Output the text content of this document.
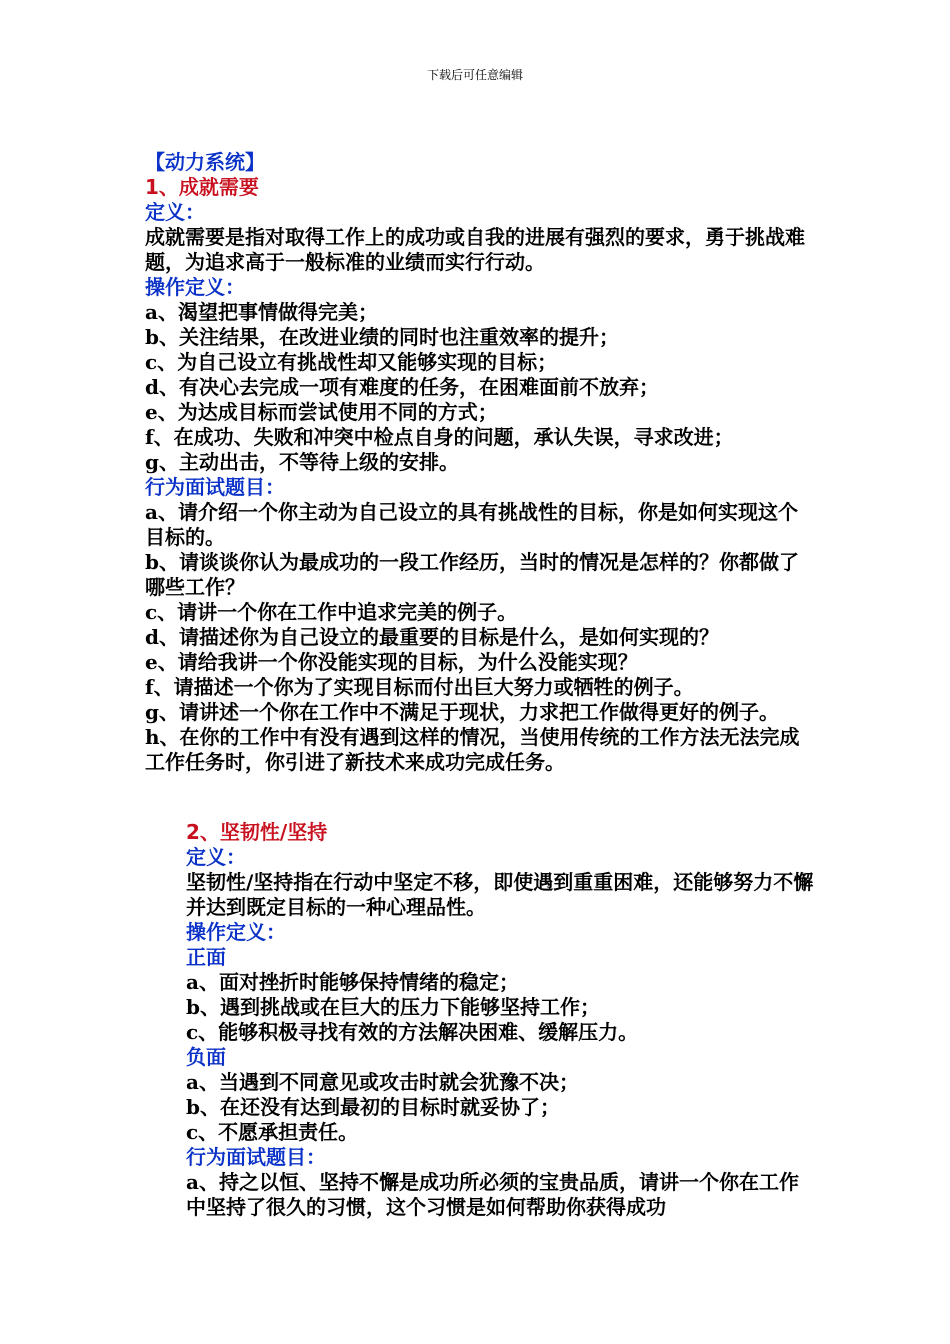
下载后可任意编辑
【动力系统】
1、成就需要
定义：
成就需要是指对取得工作上的成功或自我的进展有强烈的要求，勇于挑战难题，为追求高于一般标准的业绩而实行行动。
操作定义：
a、渴望把事情做得完美；
b、关注结果，在改进业绩的同时也注重效率的提升；
c、为自己设立有挑战性却又能够实现的目标；
d、有决心去完成一项有难度的任务，在困难面前不放弃；
e、为达成目标而尝试使用不同的方式；
f、在成功、失败和冲突中检点自身的问题，承认失误，寻求改进；
g、主动出击，不等待上级的安排。
行为面试题目：
a、请介绍一个你主动为自己设立的具有挑战性的目标，你是如何实现这个目标的。
b、请谈谈你认为最成功的一段工作经历，当时的情况是怎样的？你都做了哪些工作？
c、请讲一个你在工作中追求完美的例子。
d、请描述你为自己设立的最重要的目标是什么，是如何实现的？
e、请给我讲一个你没能实现的目标，为什么没能实现？
f、请描述一个你为了实现目标而付出巨大努力或牺牲的例子。
g、请讲述一个你在工作中不满足于现状，力求把工作做得更好的例子。
h、在你的工作中有没有遇到这样的情况，当使用传统的工作方法无法完成工作任务时，你引进了新技术来成功完成任务。
2、坚韧性/坚持
定义：
坚韧性/坚持指在行动中坚定不移，即使遇到重重困难，还能够努力不懈并达到既定目标的一种心理品性。
操作定义：
正面
a、面对挫折时能够保持情绪的稳定；
b、遇到挑战或在巨大的压力下能够坚持工作；
c、能够积极寻找有效的方法解决困难、缓解压力。
负面
a、当遇到不同意见或攻击时就会犹豫不决；
b、在还没有达到最初的目标时就妥协了；
c、不愿承担责任。
行为面试题目：
a、持之以恒、坚持不懈是成功所必须的宝贵品质，请讲一个你在工作中坚持了很久的习惯，这个习惯是如何帮助你获得成功
